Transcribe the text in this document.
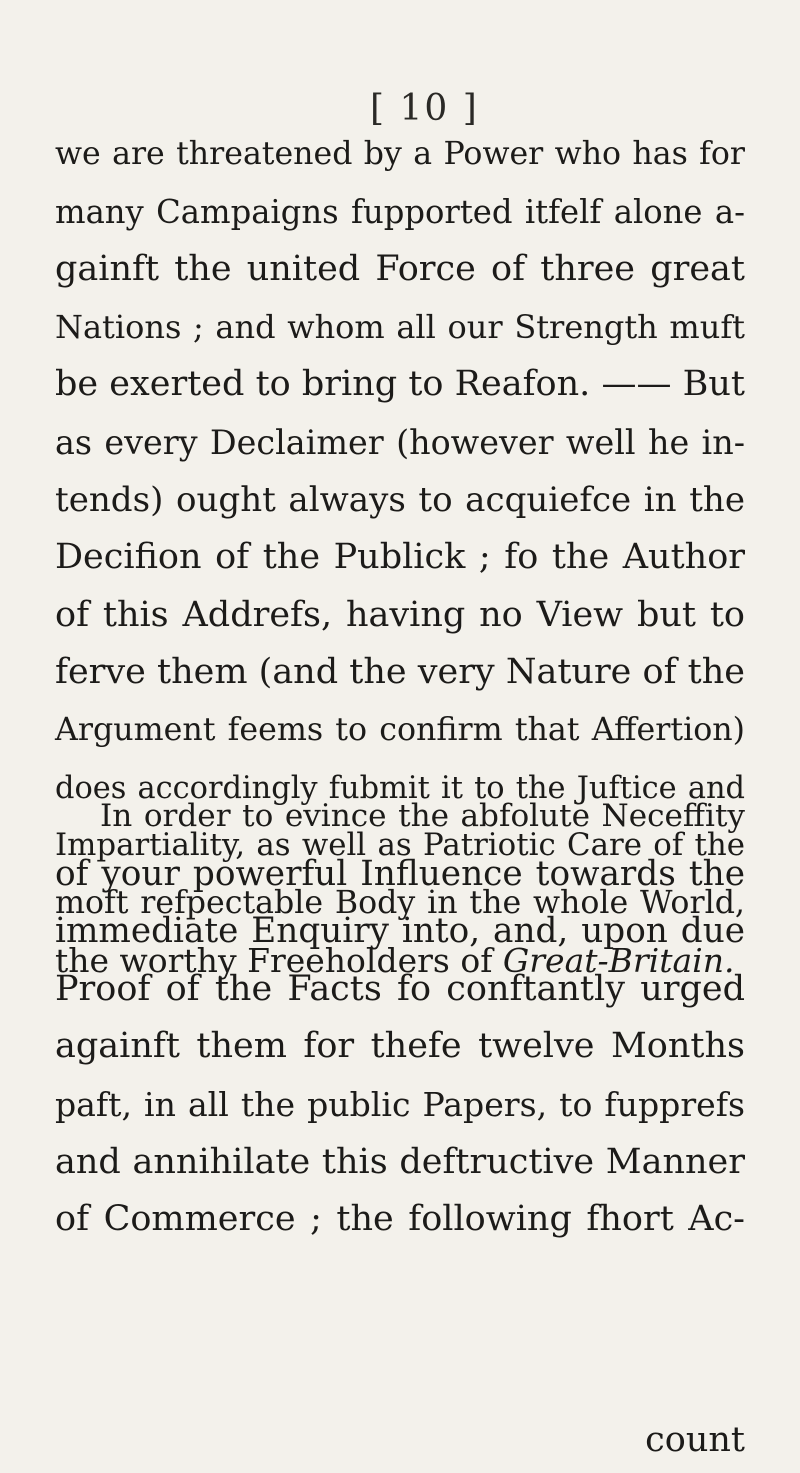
[ 10 ]
we are threatened by a Power who has for
many Campaigns fupported itfelf alone a-
gainft the united Force of three great
Nations ; and whom all our Strength muft
be exerted to bring to Reafon. —— But
as every Declaimer (however well he in-
tends) ought always to acquiefce in the
Decifion of the Publick ; fo the Author
of this Addrefs, having no View but to
ferve them (and the very Nature of the
Argument feems to confirm that Affertion)
does accordingly fubmit it to the Juftice and
Impartiality, as well as Patriotic Care of the
moft refpectable Body in the whole World,
the worthy Freeholders of Great-Britain.
In order to evince the abfolute Neceffity
of your powerful Influence towards the
immediate Enquiry into, and, upon due
Proof of the Facts fo conftantly urged
againft them for thefe twelve Months
paft, in all the public Papers, to fupprefs
and annihilate this deftructive Manner
of Commerce ; the following fhort Ac-
count
